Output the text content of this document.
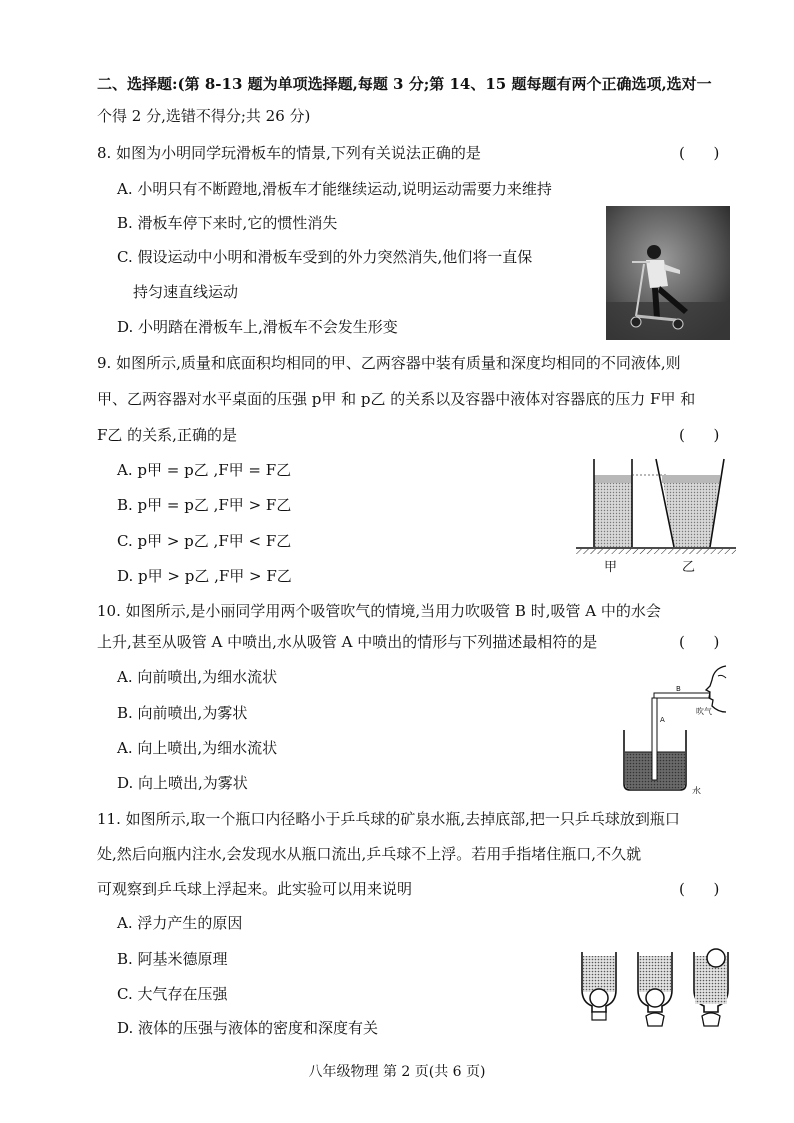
二、选择题:(第 8-13 题为单项选择题,每题 3 分;第 14、15 题每题有两个正确选项,选对一
个得 2 分,选错不得分;共 26 分)
8. 如图为小明同学玩滑板车的情景,下列有关说法正确的是	(      )
A. 小明只有不断蹬地,滑板车才能继续运动,说明运动需要力来维持
B. 滑板车停下来时,它的惯性消失
C. 假设运动中小明和滑板车受到的外力突然消失,他们将一直保
持匀速直线运动
D. 小明踏在滑板车上,滑板车不会发生形变
9. 如图所示,质量和底面积均相同的甲、乙两容器中装有质量和深度均相同的不同液体,则
甲、乙两容器对水平桌面的压强 p甲 和 p乙 的关系以及容器中液体对容器底的压力 F甲 和
F乙 的关系,正确的是	(      )
A. p甲 = p乙 ,F甲 = F乙
B. p甲 = p乙 ,F甲 > F乙
C. p甲 > p乙 ,F甲 < F乙
D. p甲 > p乙 ,F甲 > F乙	甲	乙
10. 如图所示,是小丽同学用两个吸管吹气的情境,当用力吹吸管 B 时,吸管 A 中的水会
上升,甚至从吸管 A 中喷出,水从吸管 A 中喷出的情形与下列描述最相符的是	(      )
A. 向前喷出,为细水流状
B. 向前喷出,为雾状
A. 向上喷出,为细水流状
D. 向上喷出,为雾状
A
B
吹气
水
11. 如图所示,取一个瓶口内径略小于乒乓球的矿泉水瓶,去掉底部,把一只乒乓球放到瓶口
处,然后向瓶内注水,会发现水从瓶口流出,乒乓球不上浮。若用手指堵住瓶口,不久就
可观察到乒乓球上浮起来。此实验可以用来说明	(      )
A. 浮力产生的原因
B. 阿基米德原理
C. 大气存在压强
D. 液体的压强与液体的密度和深度有关
八年级物理 第 2 页(共 6 页)
